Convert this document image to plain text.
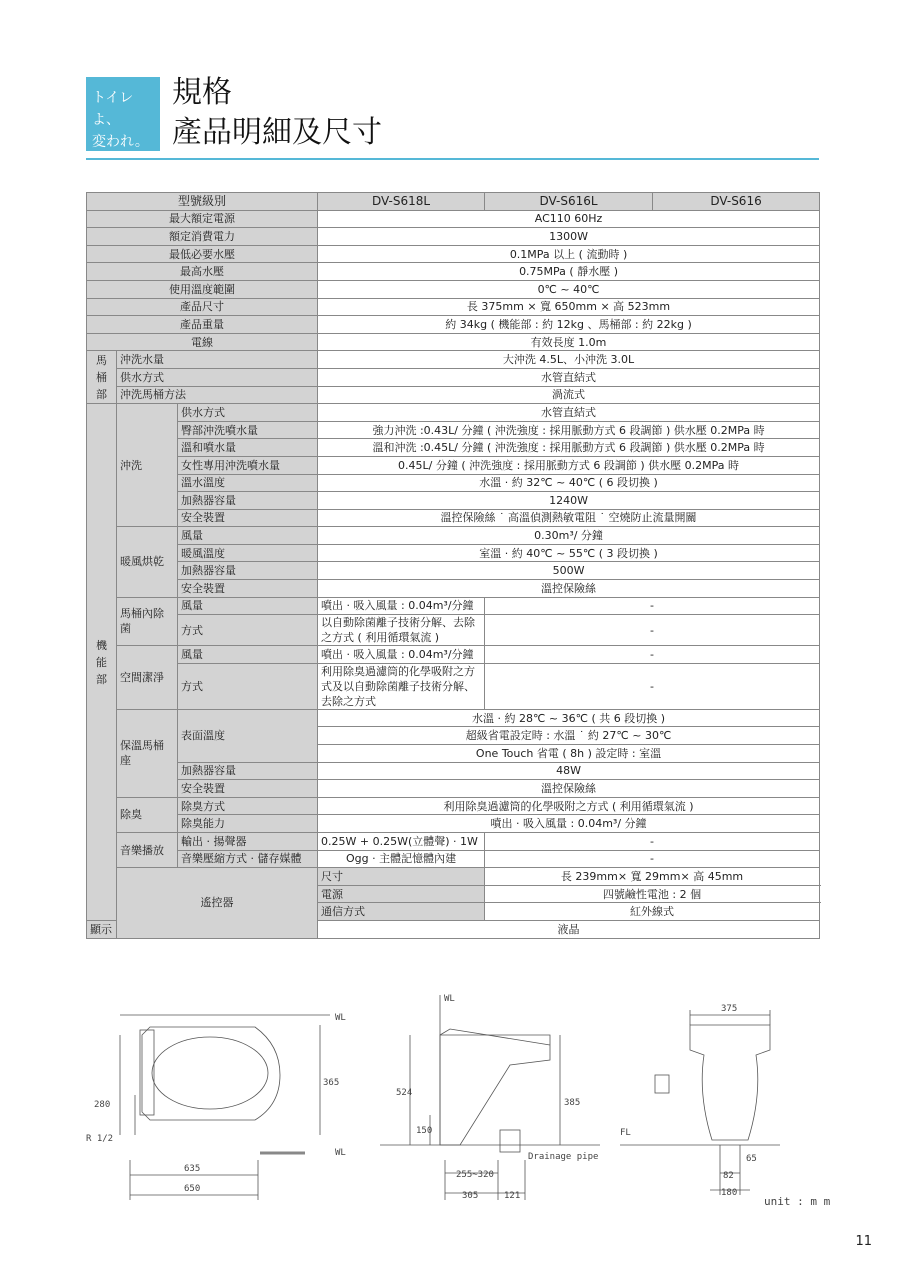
トイレよ、
変われ。
規格
產品明細及尺寸
型號級別			DV-S618L	DV-S616L	DV-S616
最大額定電源			AC110 60Hz		
額定消費電力			1300W		
最低必要水壓			0.1MPa 以上 ( 流動時 )		
最高水壓			0.75MPa ( 靜水壓 )		
使用溫度範圍			0℃ ~ 40℃		
產品尺寸			長 375mm × 寬 650mm × 高 523mm		
產品重量			約 34kg ( 機能部 : 約 12kg 、馬桶部 : 約 22kg )		
電線			有效長度 1.0m		

馬桶部	沖洗水量		大沖洗 4.5L、小沖洗 3.0L		
	供水方式		水管直結式		
	沖洗馬桶方法		渦流式		

機能部	沖洗	供水方式	水管直結式		
		臀部沖洗噴水量	強力沖洗 :0.43L/ 分鐘 ( 沖洗強度 : 採用脈動方式 6 段調節 ) 供水壓 0.2MPa 時		
		溫和噴水量	溫和沖洗 :0.45L/ 分鐘 ( 沖洗強度 : 採用脈動方式 6 段調節 ) 供水壓 0.2MPa 時		
		女性專用沖洗噴水量	0.45L/ 分鐘 ( 沖洗強度 : 採用脈動方式 6 段調節 ) 供水壓 0.2MPa 時		
		溫水溫度	水溫 · 約 32℃ ~ 40℃ ( 6 段切換 )		
		加熱器容量	1240W		
		安全裝置	溫控保險絲 ˙ 高溫偵測熱敏電阻 ˙ 空燒防止流量開關		
	暖風烘乾	風量	0.30m³/ 分鐘		
		暖風溫度	室溫 · 約 40℃ ~ 55℃ ( 3 段切換 )		
		加熱器容量	500W		
		安全裝置	溫控保險絲		
	馬桶內除菌	風量	噴出 · 吸入風量 : 0.04m³/分鐘	-	
		方式	以自動除菌離子技術分解、去除之方式 ( 利用循環氣流 )	-	

	空間潔淨	風量	噴出 · 吸入風量 : 0.04m³/分鐘	-	
		方式	利用除臭過濾筒的化學吸附之方式及以自動除菌離子技術分解、去除之方式	-	

	保溫馬桶座	表面溫度	水溫 · 約 28℃ ~ 36℃ ( 共 6 段切換 )		
			超級省電設定時 : 水溫 ˙ 約 27℃ ~ 30℃		
			One Touch 省電 ( 8h ) 設定時 : 室溫		
		加熱器容量	48W		
		安全裝置	溫控保險絲		
	除臭	除臭方式	利用除臭過濾筒的化學吸附之方式 ( 利用循環氣流 )		
		除臭能力	噴出 · 吸入風量 : 0.04m³/ 分鐘		
	音樂播放	輸出 · 揚聲器	0.25W + 0.25W(立體聲) · 1W	-	
		音樂壓縮方式 · 儲存媒體	Ogg · 主體記憶體內建	-	
	遙控器		尺寸	長 239mm× 寬 29mm× 高 45mm	
			電源	四號鹼性電池 : 2 個	
			通信方式	紅外線式	
顯示			液晶		
WL
WL
365
280
R 1/2
635
650
WL
524
385
150	FL
Drainage pipe
255~320
305	121
375
65
82
180
unit : m m
11
